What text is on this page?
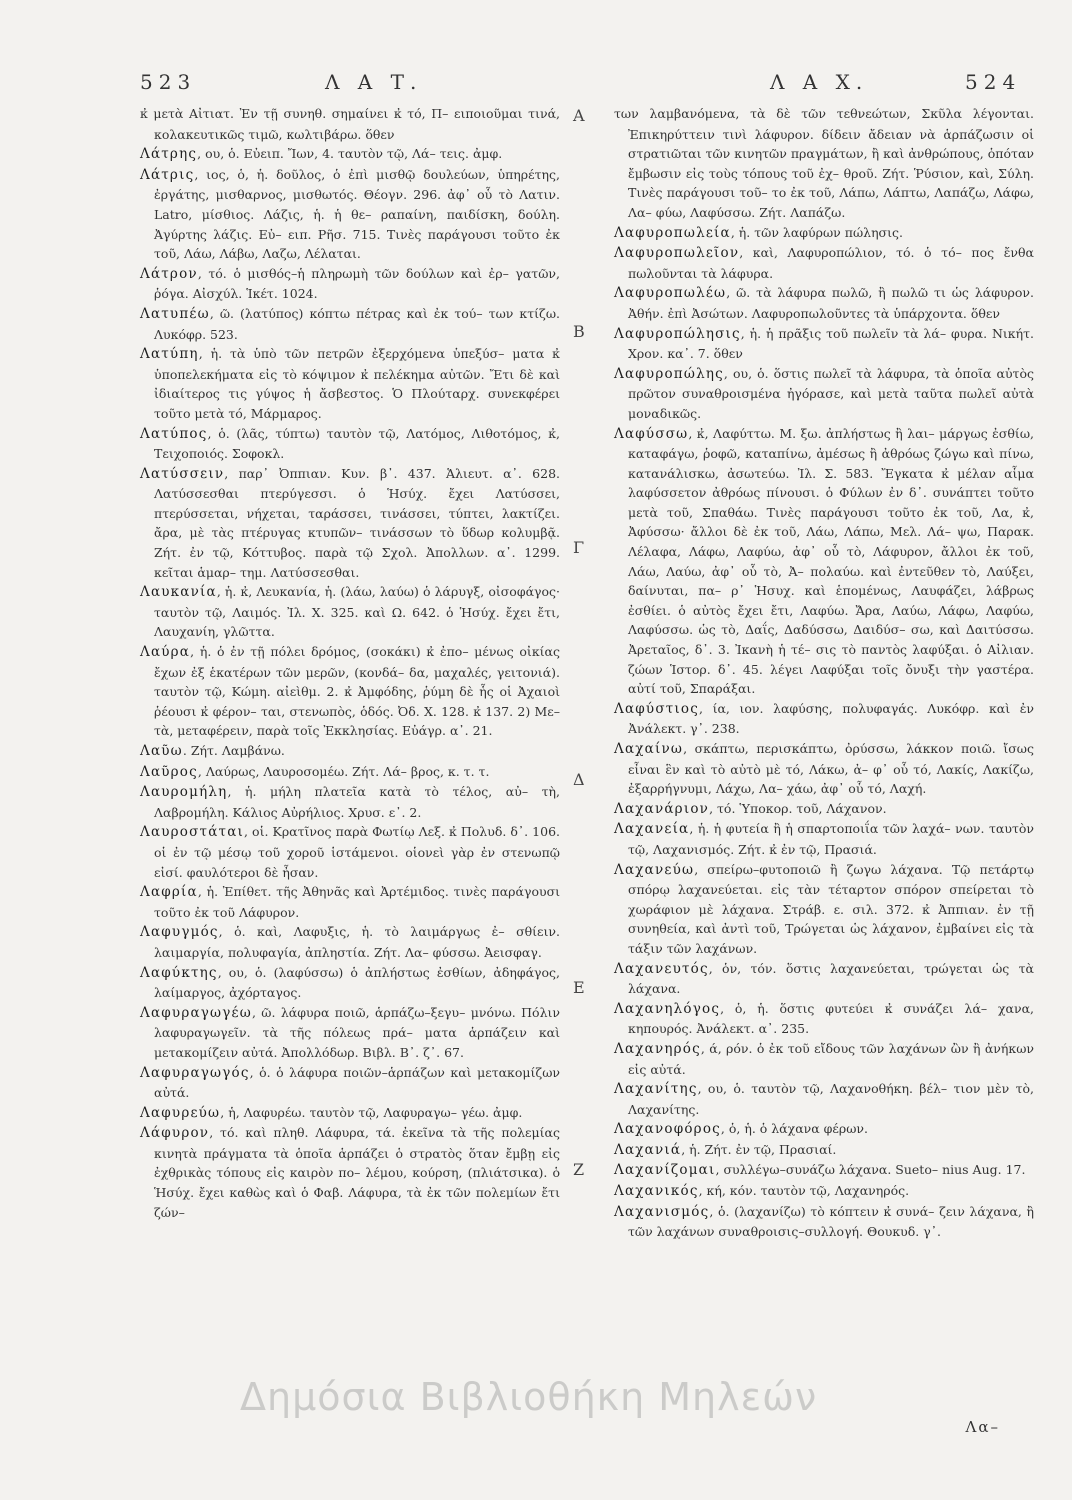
523	Λ Α Τ.	Λ Α Χ.	524

κ̓ μετὰ Αἰτιατ. Ἐν τῇ συνηθ. σημαίνει κ̓ τό, Π– ειποιοῦμαι τινά, κολακευτικῶς τιμῶ, κωλτιβάρω. ὅθεν

Λάτρης, ου, ὁ. Εὐειπ. Ἴων, 4. ταυτὸν τῷ, Λά– τεις. ἀμφ.

Λάτρις, ιος, ὁ, ἡ. δοῦλος, ὁ ἐπὶ μισθῷ δουλεύων, ὑπηρέτης, ἐργάτης, μισθαρνος, μισθωτός. Θέογν. 296. ἀφ᾽ οὗ τὸ Λατιν. Latro, μίσθιος. Λάζις, ἡ. ἡ θε– ραπαίνη, παιδίσκη, δούλη. Ἀγύρτης λάζις. Εὐ– ειπ. Ρῆσ. 715. Τινὲς παράγουσι τοῦτο ἐκ τοῦ, Λάω, Λάβω, Λαζω, Λέλαται.

Λάτρον, τό. ὁ μισθός–ἡ πληρωμὴ τῶν δούλων καὶ ἐρ– γατῶν, ῥόγα. Αἰσχύλ. Ἱκέτ. 1024.

Λατυπέω, ῶ. (λατύπος) κόπτω πέτρας καὶ ἐκ τού– των κτίζω. Λυκόφρ. 523.

Λατύπη, ἡ. τὰ ὑπὸ τῶν πετρῶν ἐξερχόμενα ὑπεξύσ– ματα κ̓ ὑποπελεκήματα εἰς τὸ κόψιμον κ̓ πελέκημα αὐτῶν. Ἔτι δὲ καὶ ἰδιαίτερος τις γύψος ἡ ἄσβεστος. Ὁ Πλούταρχ. συνεκφέρει τοῦτο μετὰ τό, Μάρμαρος.

Λατύπος, ὁ. (λᾶς, τύπτω) ταυτὸν τῷ, Λατόμος, Λιθοτόμος, κ̓, Τειχοποιός. Σοφοκλ.

Λατύσσειν, παρ᾽ Ὀππιαν. Κυν. β᾽. 437. Ἁλιευτ. α᾽. 628. Λατύσσεσθαι πτερύγεσσι. ὁ Ἡσύχ. ἔχει Λατύσσει, πτερύσσεται, νήχεται, ταράσσει, τινάσσει, τύπτει, λακτίζει. ἄρα, μὲ τὰς πτέρυγας κτυπῶν– τινάσσων τὸ ὕδωρ κολυμβᾷ. Ζήτ. ἐν τῷ, Κόττυβος. παρὰ τῷ Σχολ. Ἀπολλων. α᾽. 1299. κεῖται ἁμαρ– τημ. Λατύσσεσθαι.

Λαυκανία, ἡ. κ̓, Λευκανία, ἡ. (λάω, λαύω) ὁ λάρυγξ, οἰσοφάγος· ταυτὸν τῷ, Λαιμός. Ἰλ. Χ. 325. καὶ Ω. 642. ὁ Ἡσύχ. ἔχει ἔτι, Λαυχανίη, γλῶττα.

Λαύρα, ἡ. ὁ ἐν τῇ πόλει δρόμος, (σοκάκι) κ̓ ἐπο– μένως οἰκίας ἔχων ἐξ ἑκατέρων τῶν μερῶν, (κονδά– δα, μαχαλές, γειτονιά). ταυτὸν τῷ, Κώμη. αἰεὶθμ. 2. κ̓ Ἀμφόδης, ῥύμη δὲ ἧς οἱ Ἀχαιοὶ ῥέουσι κ̓ φέρον– ται, στενωπὸς, ὁδός. Ὀδ. Χ. 128. κ̓ 137. 2) Με– τὰ, μεταφέρειν, παρὰ τοῖς Ἐκκλησίας. Εὐάγρ. α᾽. 21.

Λαῦω. Ζήτ. Λαμβάνω.

Λαῦρος, Λαύρως, Λαυροσομέω. Ζήτ. Λά– βρος, κ. τ. τ.

Λαυρομήλη, ἡ. μήλη πλατεῖα κατὰ τὸ τέλος, αὐ– τὴ, Λαβρομήλη. Κάλιος Αὐρήλιος. Χρυσ. ε᾽. 2.

Λαυροστάται, οἱ. Κρατῖνος παρὰ Φωτίῳ Λεξ. κ̓ Πολυδ. δ᾽. 106. οἱ ἐν τῷ μέσῳ τοῦ χοροῦ ἱστάμενοι. οἱονεὶ γὰρ ἐν στενωπῷ εἰσί. φαυλότεροι δὲ ἦσαν.

Λαφρία, ἡ. Ἐπίθετ. τῆς Ἀθηνᾶς καὶ Ἀρτέμιδος. τινὲς παράγουσι τοῦτο ἐκ τοῦ Λάφυρον.

Λαφυγμός, ὁ. καὶ, Λαφυξις, ἡ. τὸ λαιμάργως ἐ– σθίειν. λαιμαργία, πολυφαγία, ἀπληστία. Ζήτ. Λα– φύσσω. Ἀεισφαγ.

Λαφύκτης, ου, ὁ. (λαφύσσω) ὁ ἀπλήστως ἐσθίων, ἀδηφάγος, λαίμαργος, ἀχόρταγος.

Λαφυραγωγέω, ῶ. λάφυρα ποιῶ, ἁρπάζω–ξεγυ– μνόνω. Πόλιν λαφυραγωγεῖν. τὰ τῆς πόλεως πρά– ματα ἁρπάζειν καὶ μετακομίζειν αὐτά. Ἀπολλόδωρ. Βιβλ. Β᾽. ζ᾽. 67.

Λαφυραγωγός, ὁ. ὁ λάφυρα ποιῶν–ἁρπάζων καὶ μετακομίζων αὐτά.

Λαφυρεύω, ἡ, Λαφυρέω. ταυτὸν τῷ, Λαφυραγω– γέω. ἀμφ.

Λάφυρον, τό. καὶ πληθ. Λάφυρα, τά. ἐκεῖνα τὰ τῆς πολεμίας κινητὰ πράγματα τὰ ὁποῖα ἁρπάζει ὁ στρατὸς ὅταν ἔμβῃ εἰς ἐχθρικὰς τόπους εἰς καιρὸν πο– λέμου, κούρση, (πλιάτσικα). ὁ Ἡσύχ. ἔχει καθὼς καὶ ὁ Φαβ. Λάφυρα, τὰ ἐκ τῶν πολεμίων ἔτι ζών–

Α
Β
Γ
Δ
Ε
Ζ

των λαμβανόμενα, τὰ δὲ τῶν τεθνεώτων, Σκῦλα λέγονται. Ἐπικηρύττειν τινὶ λάφυρον. δίδειν ἄδειαν νὰ ἁρπάζωσιν οἱ στρατιῶται τῶν κινητῶν πραγμάτων, ἢ καὶ ἀνθρώπους, ὁπόταν ἔμβωσιν εἰς τοὺς τόπους τοῦ ἐχ– θροῦ. Ζήτ. Ῥύσιον, καὶ, Σύλη. Τινὲς παράγουσι τοῦ– το ἐκ τοῦ, Λάπω, Λάπτω, Λαπάζω, Λάφω, Λα– φύω, Λαφύσσω. Ζήτ. Λαπάζω.

Λαφυροπωλεία, ἡ. τῶν λαφύρων πώλησις.

Λαφυροπωλεῖον, καὶ, Λαφυροπώλιον, τό. ὁ τό– πος ἔνθα πωλοῦνται τὰ λάφυρα.

Λαφυροπωλέω, ῶ. τὰ λάφυρα πωλῶ, ἢ πωλῶ τι ὡς λάφυρον. Ἀθήν. ἐπὶ Ἀσώτων. Λαφυροπωλοῦντες τὰ ὑπάρχοντα. ὅθεν

Λαφυροπώλησις, ἡ. ἡ πρᾶξις τοῦ πωλεῖν τὰ λά– φυρα. Νικήτ. Χρον. κα᾽. 7. ὅθεν

Λαφυροπώλης, ου, ὁ. ὅστις πωλεῖ τὰ λάφυρα, τὰ ὁποῖα αὐτὸς πρῶτον συναθροισμένα ἠγόρασε, καὶ μετὰ ταῦτα πωλεῖ αὐτὰ μοναδικῶς.

Λαφύσσω, κ̓, Λαφύττω. Μ. ξω. ἀπλήστως ἢ λαι– μάργως ἐσθίω, καταφάγω, ῥοφῶ, καταπίνω, ἀμέσως ἢ ἀθρόως ζώγω καὶ πίνω, κατανάλισκω, ἀσωτεύω. Ἰλ. Σ. 583. Ἔγκατα κ̓ μέλαν αἷμα λαφύσσετον ἀθρόως πίνουσι. ὁ Φύλων ἐν δ᾽. συνάπτει τοῦτο μετὰ τοῦ, Σπαθάω. Τινὲς παράγουσι τοῦτο ἐκ τοῦ, Λα, κ̓, Ἀφύσσω· ἄλλοι δὲ ἐκ τοῦ, Λάω, Λάπω, Μελ. Λά– ψω, Παρακ. Λέλαφα, Λάφω, Λαφύω, ἀφ᾽ οὗ τὸ, Λάφυρον, ἄλλοι ἐκ τοῦ, Λάω, Λαύω, ἀφ᾽ οὗ τὸ, Ἀ– πολαύω. καὶ ἐντεῦθεν τὸ, Λαύξει, δαίνυται, πα– ρ᾽ Ἡσυχ. καὶ ἑπομένως, Λαυφάζει, λάβρως ἐσθίει. ὁ αὐτὸς ἔχει ἔτι, Λαφύω. Ἄρα, Λαύω, Λάφω, Λαφύω, Λαφύσσω. ὡς τὸ, Δαΐς, Δαδύσσω, Δαιδύσ– σω, καὶ Δαιτύσσω. Ἀρεταῖος, δ᾽. 3. Ἰκανὴ ἡ τέ– σις τὸ παντὸς λαφύξαι. ὁ Αἰλιαν. ζώων Ἱστορ. δ᾽. 45. λέγει Λαφύξαι τοῖς ὄνυξι τὴν γαστέρα. αὐτί τοῦ, Σπαράξαι.

Λαφύστιος, ία, ιον. λαφύσης, πολυφαγάς. Λυκόφρ. καὶ ἐν Ἀνάλεκτ. γ᾽. 238.

Λαχαίνω, σκάπτω, περισκάπτω, ὀρύσσω, λάκκον ποιῶ. ἴσως εἶναι ἓν καὶ τὸ αὐτὸ μὲ τό, Λάκω, ἀ– φ᾽ οὗ τό, Λακίς, Λακίζω, ἐξαρρήγνυμι, Λάχω, Λα– χάω, ἀφ᾽ οὗ τό, Λαχή.

Λαχανάριον, τό. Ὑποκορ. τοῦ, Λάχανον.

Λαχανεία, ἡ. ἡ φυτεία ἢ ἡ σπαρτοποιΐα τῶν λαχά– νων. ταυτὸν τῷ, Λαχανισμός. Ζήτ. κ̓ ἐν τῷ, Πρασιά.

Λαχανεύω, σπείρω–φυτοποιῶ ἢ ζωγω λάχανα. Τῷ πετάρτῳ σπόρῳ λαχανεύεται. εἰς τὰν τέταρτον σπόρον σπείρεται τὸ χωράφιον μὲ λάχανα. Στράβ. ε. σιλ. 372. κ̓ Ἀππιαν. ἐν τῇ συνηθεία, καὶ ἀντὶ τοῦ, Τρώγεται ὡς λάχανον, ἐμβαίνει εἰς τὰ τάξιν τῶν λαχάνων.

Λαχανευτός, ὁν, τόν. ὅστις λαχανεύεται, τρώγεται ὡς τὰ λάχανα.

Λαχανηλόγος, ὁ, ἡ. ὅστις φυτεύει κ̓ συνάζει λά– χανα, κηπουρός. Ἀνάλεκτ. α᾽. 235.

Λαχανηρός, ά, ρόν. ὁ ἐκ τοῦ εἴδους τῶν λαχάνων ὢν ἢ ἀνήκων εἰς αὐτά.

Λαχανίτης, ου, ὁ. ταυτὸν τῷ, Λαχανοθήκη. βέλ– τιον μὲν τὸ, Λαχανίτης.

Λαχανοφόρος, ὁ, ἡ. ὁ λάχανα φέρων.

Λαχανιά, ἡ. Ζήτ. ἐν τῷ, Πρασιαί.

Λαχανίζομαι, συλλέγω–συνάζω λάχανα. Sueto– nius Aug. 17.

Λαχανικός, κή, κόν. ταυτὸν τῷ, Λαχανηρός.

Λαχανισμός, ὁ. (λαχανίζω) τὸ κόπτειν κ̓ συνά– ζειν λάχανα, ἢ τῶν λαχάνων συναθροισις–συλλογή. Θουκυδ. γ᾽.

Λα–
Δημόσια Βιβλιοθήκη Μηλεών
